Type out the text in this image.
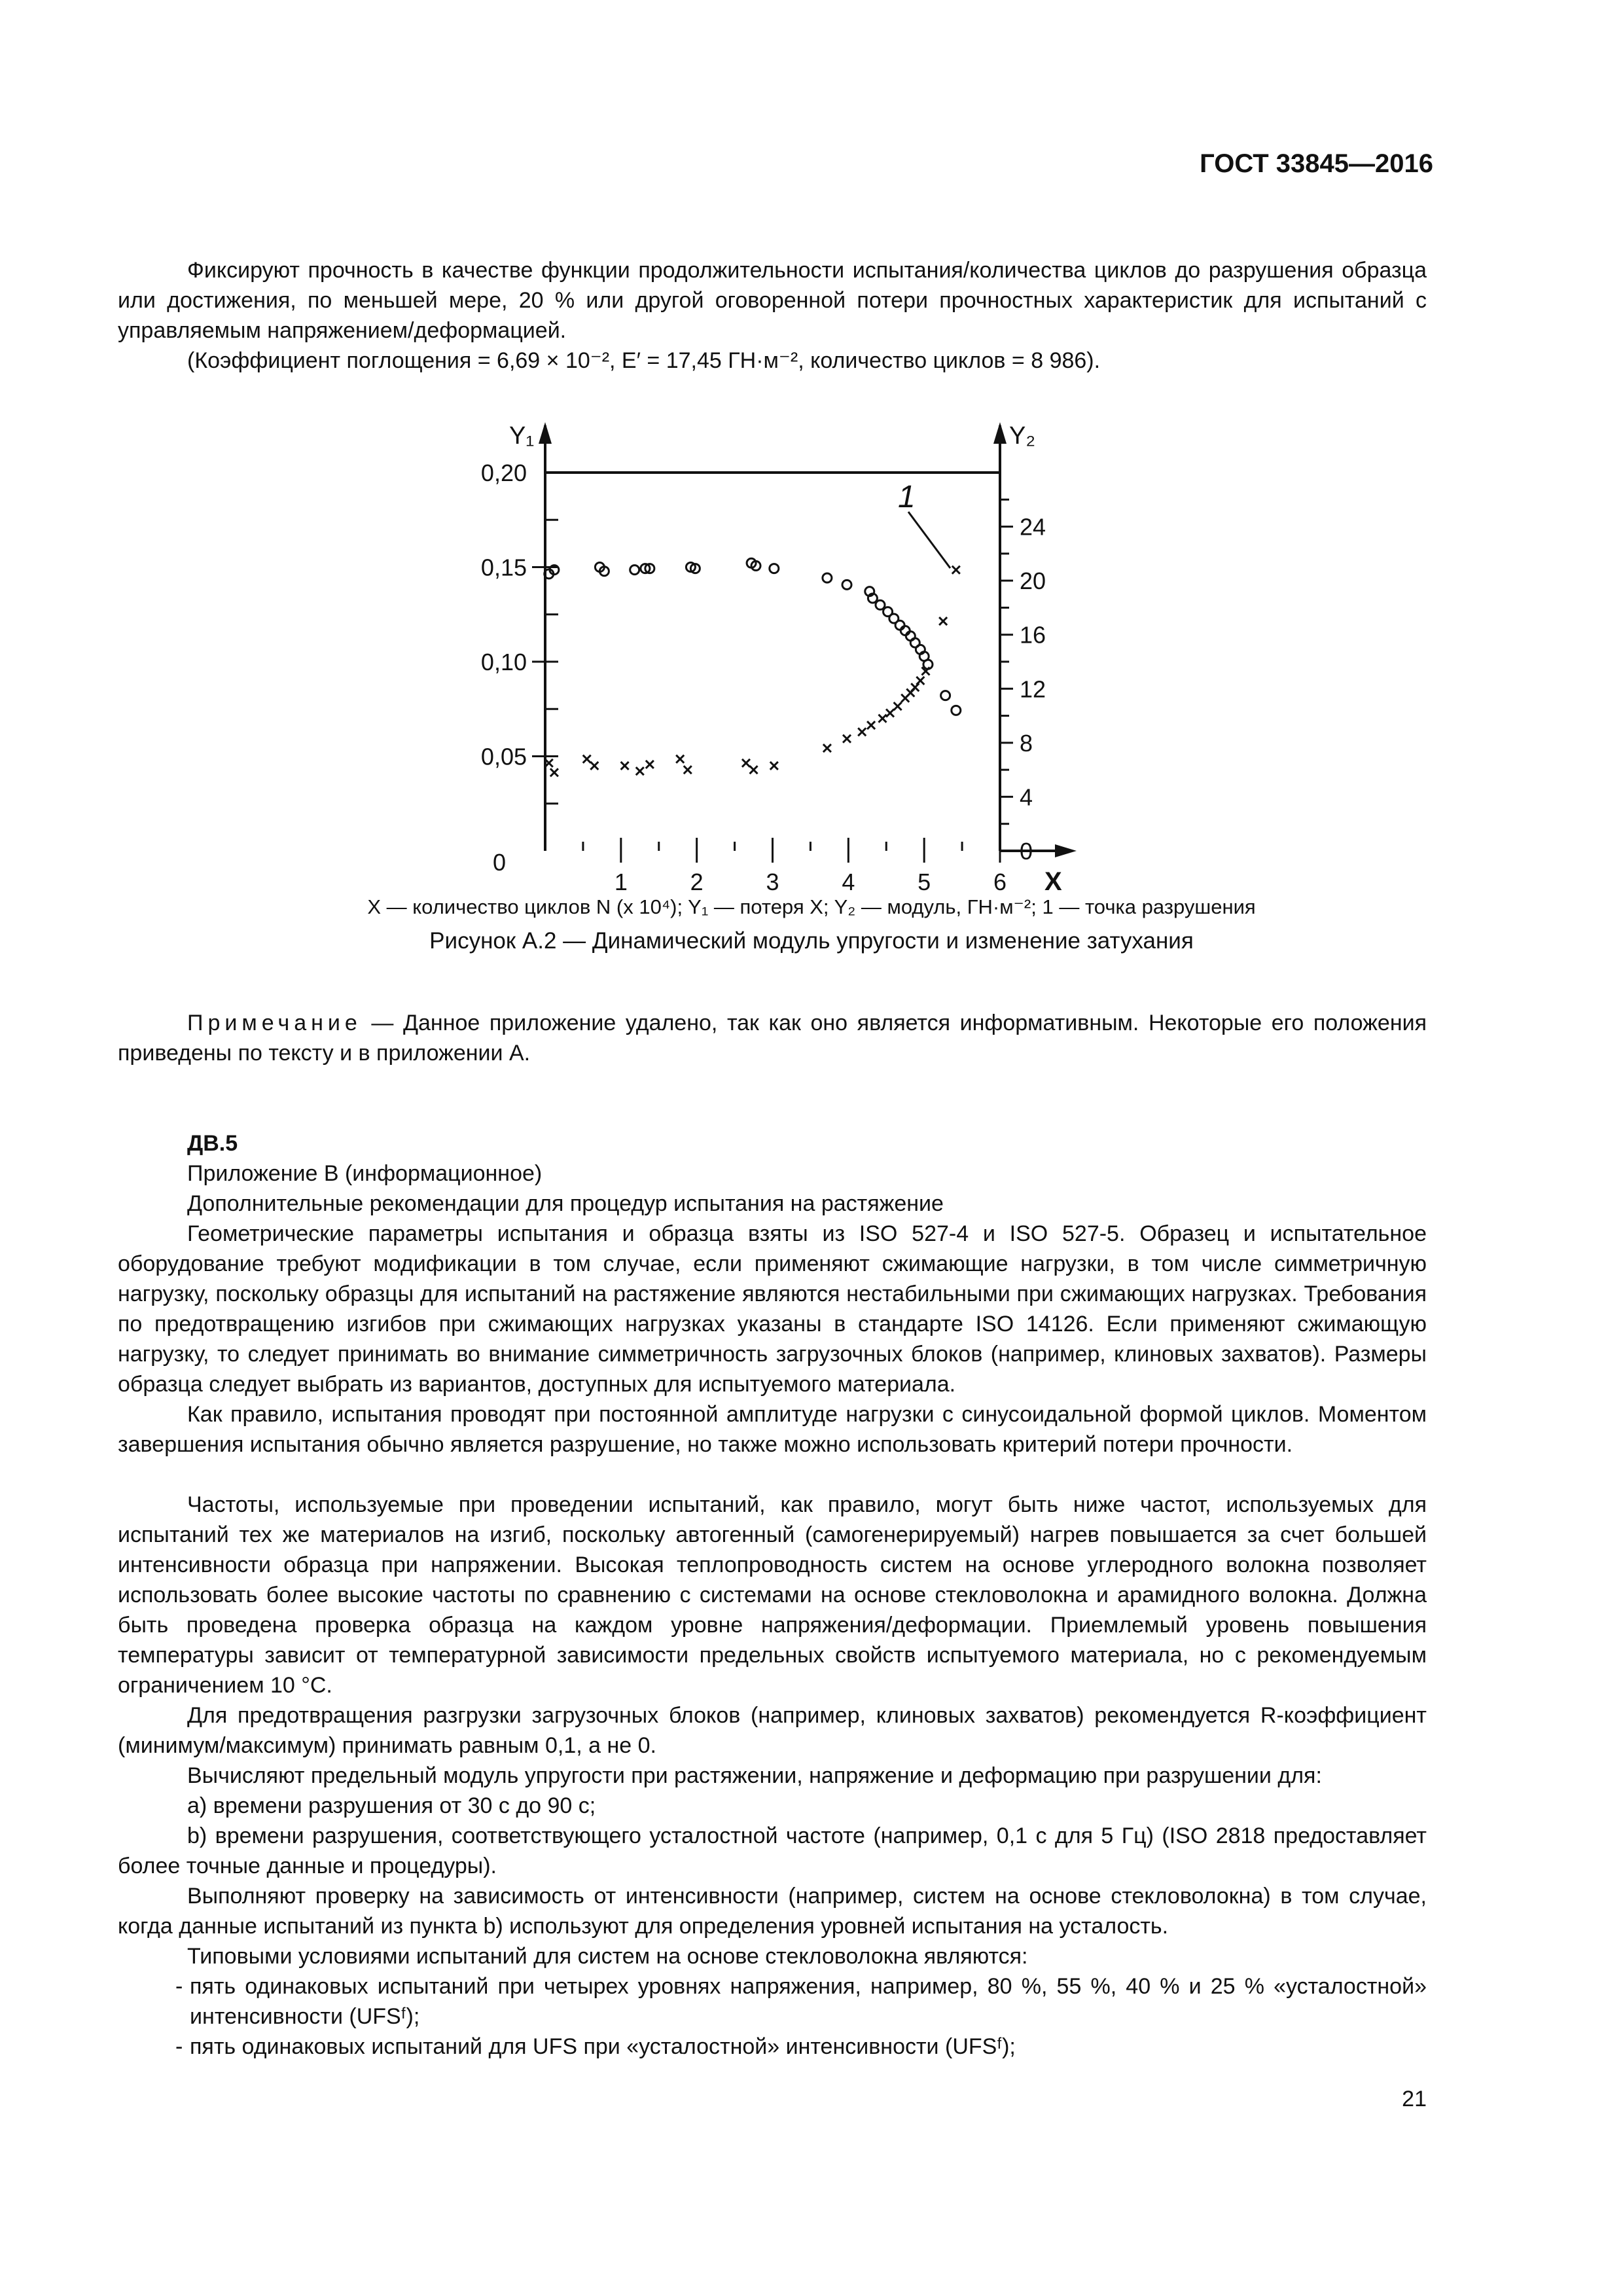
ГОСТ 33845—2016

Фиксируют прочность в качестве функции продолжительности испытания/количества циклов до разрушения образца или достижения, по меньшей мере, 20 % или другой оговоренной потери прочностных характеристик для испытаний с управляемым напряжением/деформацией.

(Коэффициент поглощения = 6,69 × 10⁻², E′ = 17,45 ГН·м⁻², количество циклов = 8 986).

0
0,05
0,10
0,15
0,20
0
4
8
12
16
20
24
1	2	3	4	5	6
Y₁	Y₂
X
1
X — количество циклов N (x 10⁴); Y₁ — потеря X; Y₂ — модуль, ГН·м⁻²; 1 — точка разрушения
Рисунок А.2 — Динамический модуль упругости и изменение затухания

Примечание — Данное приложение удалено, так как оно является информативным. Некоторые его положения приведены по тексту и в приложении А.

ДВ.5
Приложение В (информационное)
Дополнительные рекомендации для процедур испытания на растяжение

Геометрические параметры испытания и образца взяты из ISO 527-4 и ISO 527-5. Образец и испытательное оборудование требуют модификации в том случае, если применяют сжимающие нагрузки, в том числе симметричную нагрузку, поскольку образцы для испытаний на растяжение являются нестабильными при сжимающих нагрузках. Требования по предотвращению изгибов при сжимающих нагрузках указаны в стандарте ISO 14126. Если применяют сжимающую нагрузку, то следует принимать во внимание симметричность загрузочных блоков (например, клиновых захватов). Размеры образца следует выбрать из вариантов, доступных для испытуемого материала.

Как правило, испытания проводят при постоянной амплитуде нагрузки с синусоидальной формой циклов. Моментом завершения испытания обычно является разрушение, но также можно использовать критерий потери прочности.

Частоты, используемые при проведении испытаний, как правило, могут быть ниже частот, используемых для испытаний тех же материалов на изгиб, поскольку автогенный (самогенерируемый) нагрев повышается за счет большей интенсивности образца при напряжении. Высокая теплопроводность систем на основе углеродного волокна позволяет использовать более высокие частоты по сравнению с системами на основе стекловолокна и арамидного волокна. Должна быть проведена проверка образца на каждом уровне напряжения/деформации. Приемлемый уровень повышения температуры зависит от температурной зависимости предельных свойств испытуемого материала, но с рекомендуемым ограничением 10 °С.

Для предотвращения разгрузки загрузочных блоков (например, клиновых захватов) рекомендуется R-коэффициент (минимум/максимум) принимать равным 0,1, а не 0.

Вычисляют предельный модуль упругости при растяжении, напряжение и деформацию при разрушении для:

а) времени разрушения от 30 с до 90 с;

b) времени разрушения, соответствующего усталостной частоте (например, 0,1 с для 5 Гц) (ISO 2818 предоставляет более точные данные и процедуры).

Выполняют проверку на зависимость от интенсивности (например, систем на основе стекловолокна) в том случае, когда данные испытаний из пункта b) используют для определения уровней испытания на усталость.

Типовыми условиями испытаний для систем на основе стекловолокна являются:

- пять одинаковых испытаний при четырех уровнях напряжения, например, 80 %, 55 %, 40 % и 25 % «усталостной» интенсивности (UFSᶠ);

- пять одинаковых испытаний для UFS при «усталостной» интенсивности (UFSᶠ);

21
